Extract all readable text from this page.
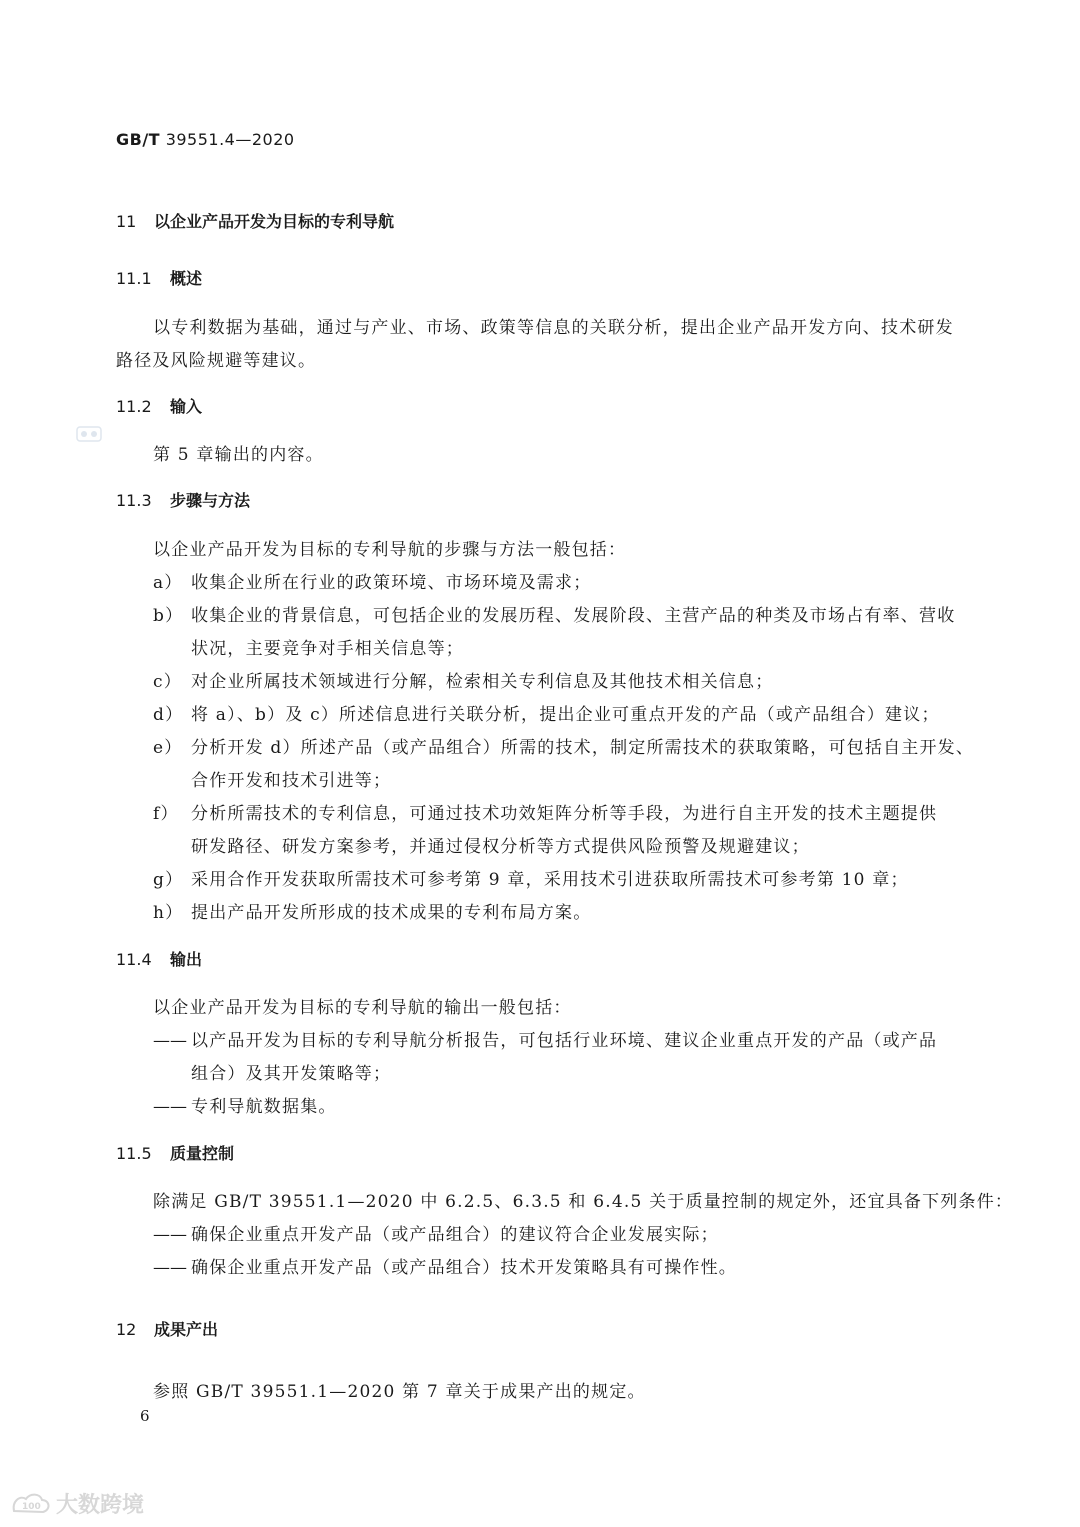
GB/T 39551.4—2020
11 以企业产品开发为目标的专利导航
11.1 概述
以专利数据为基础，通过与产业、市场、政策等信息的关联分析，提出企业产品开发方向、技术研发
路径及风险规避等建议。
11.2 输入
第 5 章输出的内容。
11.3 步骤与方法
以企业产品开发为目标的专利导航的步骤与方法一般包括：
a） 收集企业所在行业的政策环境、市场环境及需求；
b） 收集企业的背景信息，可包括企业的发展历程、发展阶段、主营产品的种类及市场占有率、营收
状况，主要竞争对手相关信息等；
c） 对企业所属技术领域进行分解，检索相关专利信息及其他技术相关信息；
d） 将 a）、b）及 c）所述信息进行关联分析，提出企业可重点开发的产品（或产品组合）建议；
e） 分析开发 d）所述产品（或产品组合）所需的技术，制定所需技术的获取策略，可包括自主开发、
合作开发和技术引进等；
f） 分析所需技术的专利信息，可通过技术功效矩阵分析等手段，为进行自主开发的技术主题提供
研发路径、研发方案参考，并通过侵权分析等方式提供风险预警及规避建议；
g） 采用合作开发获取所需技术可参考第 9 章，采用技术引进获取所需技术可参考第 10 章；
h） 提出产品开发所形成的技术成果的专利布局方案。
11.4 输出
以企业产品开发为目标的专利导航的输出一般包括：
—— 以产品开发为目标的专利导航分析报告，可包括行业环境、建议企业重点开发的产品（或产品
组合）及其开发策略等；
—— 专利导航数据集。
11.5 质量控制
除满足 GB/T 39551.1—2020 中 6.2.5、6.3.5 和 6.4.5 关于质量控制的规定外，还宜具备下列条件：
—— 确保企业重点开发产品（或产品组合）的建议符合企业发展实际；
—— 确保企业重点开发产品（或产品组合）技术开发策略具有可操作性。
12 成果产出
参照 GB/T 39551.1—2020 第 7 章关于成果产出的规定。
6
100 大数跨境
